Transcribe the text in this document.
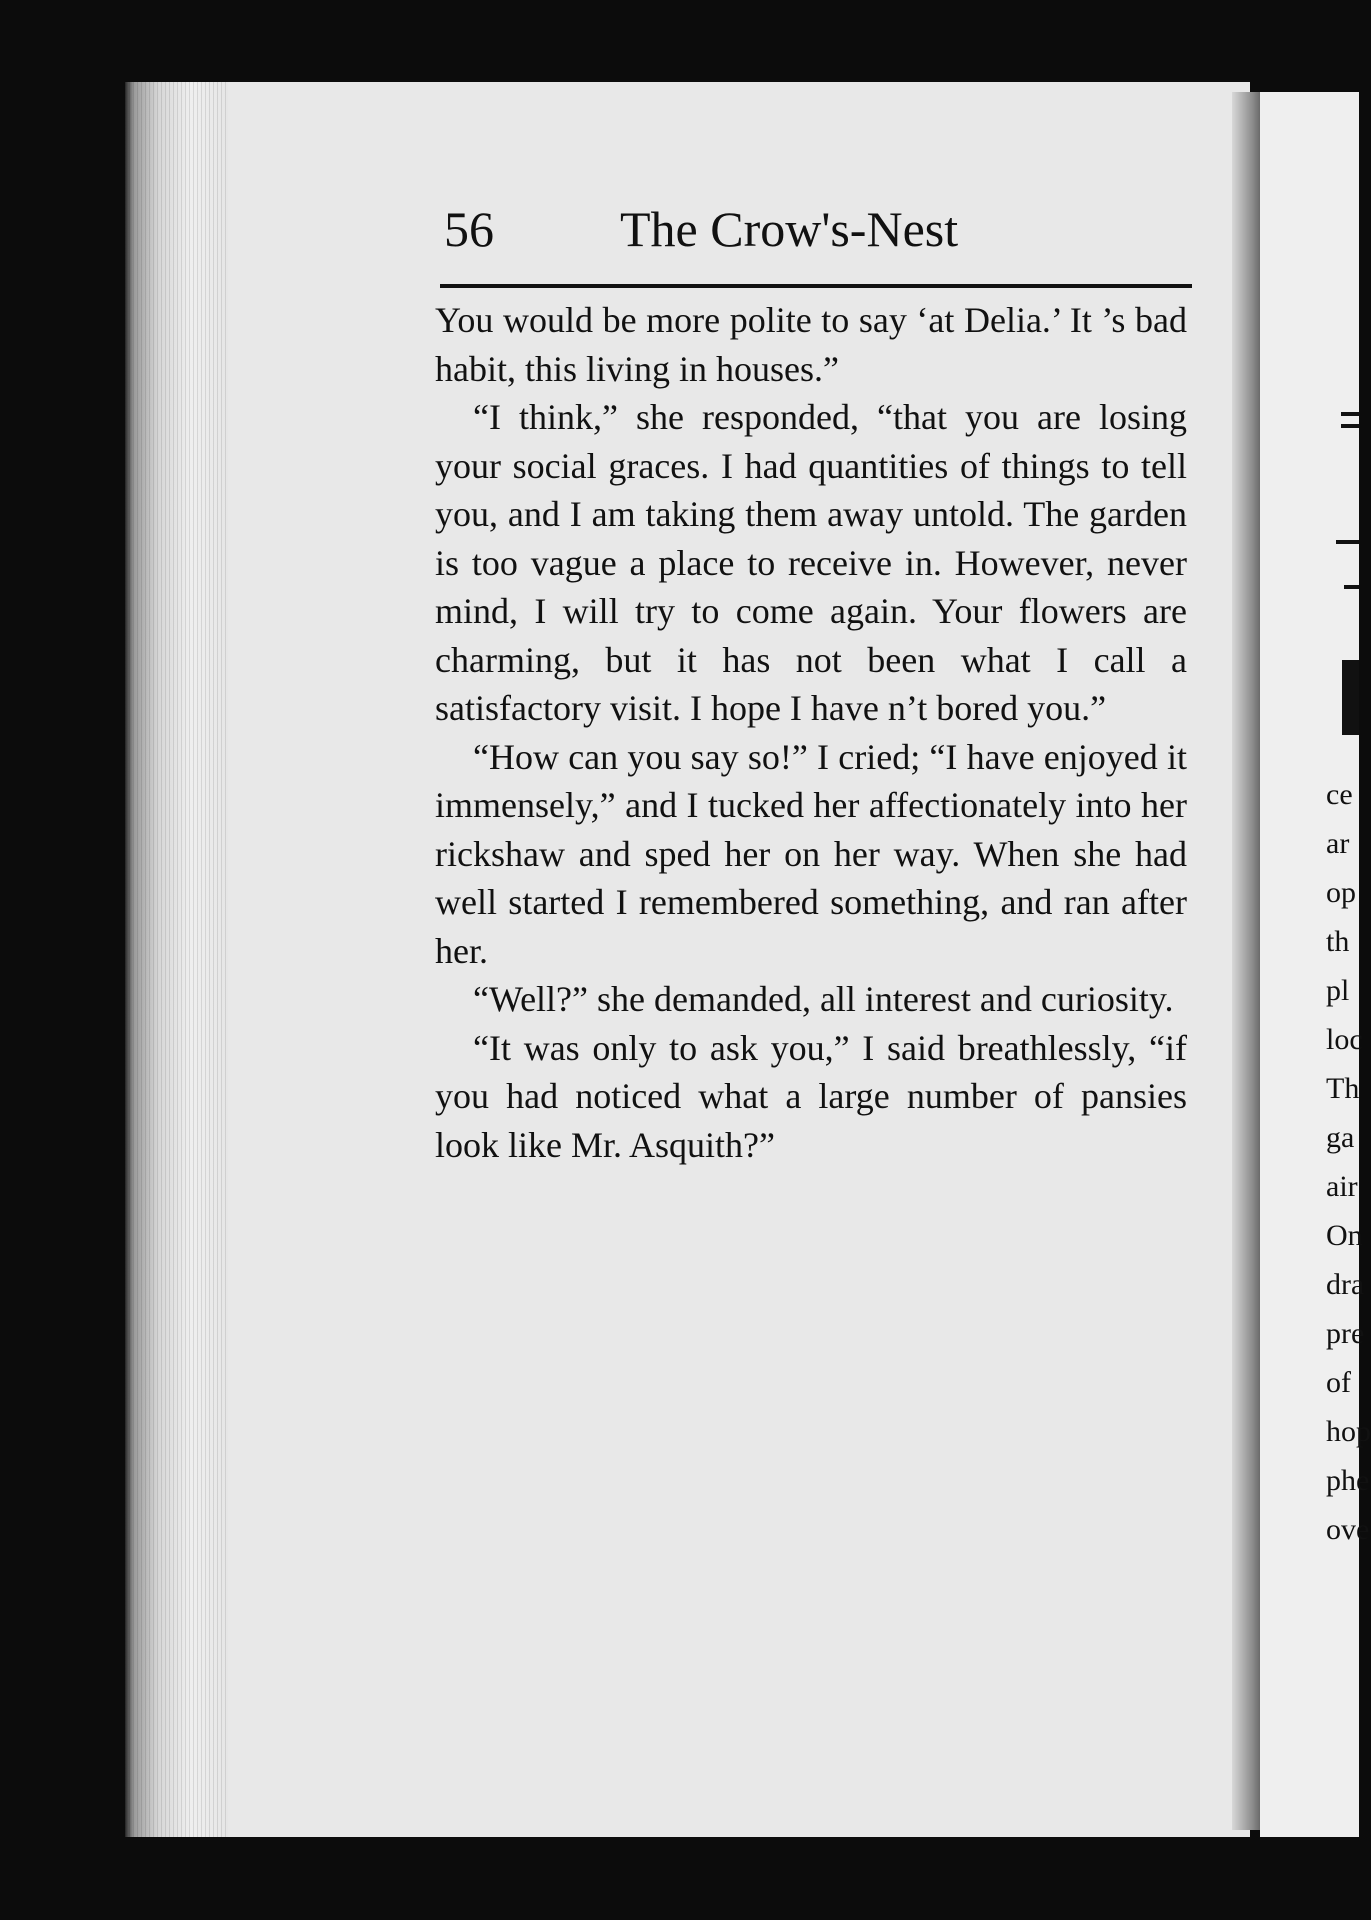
56	The Crow's-Nest

You would be more polite to say ‘at Delia.’ It ’s bad habit, this living in houses.”

“I think,” she responded, “that you are losing your social graces. I had quantities of things to tell you, and I am taking them away untold. The garden is too vague a place to receive in. However, never mind, I will try to come again. Your flowers are charming, but it has not been what I call a satisfactory visit. I hope I have n’t bored you.”

“How can you say so!” I cried; “I have enjoyed it immensely,” and I tucked her affectionately into her rickshaw and sped her on her way. When she had well started I remembered something, and ran after her.

“Well?” she demanded, all interest and curiosity.

“It was only to ask you,” I said breathlessly, “if you had noticed what a large number of pansies look like Mr. Asquith?”

ce
ar
op
th
pl
loc
Th
ga
air
On
dra
pre
of
hop
phe
ove
